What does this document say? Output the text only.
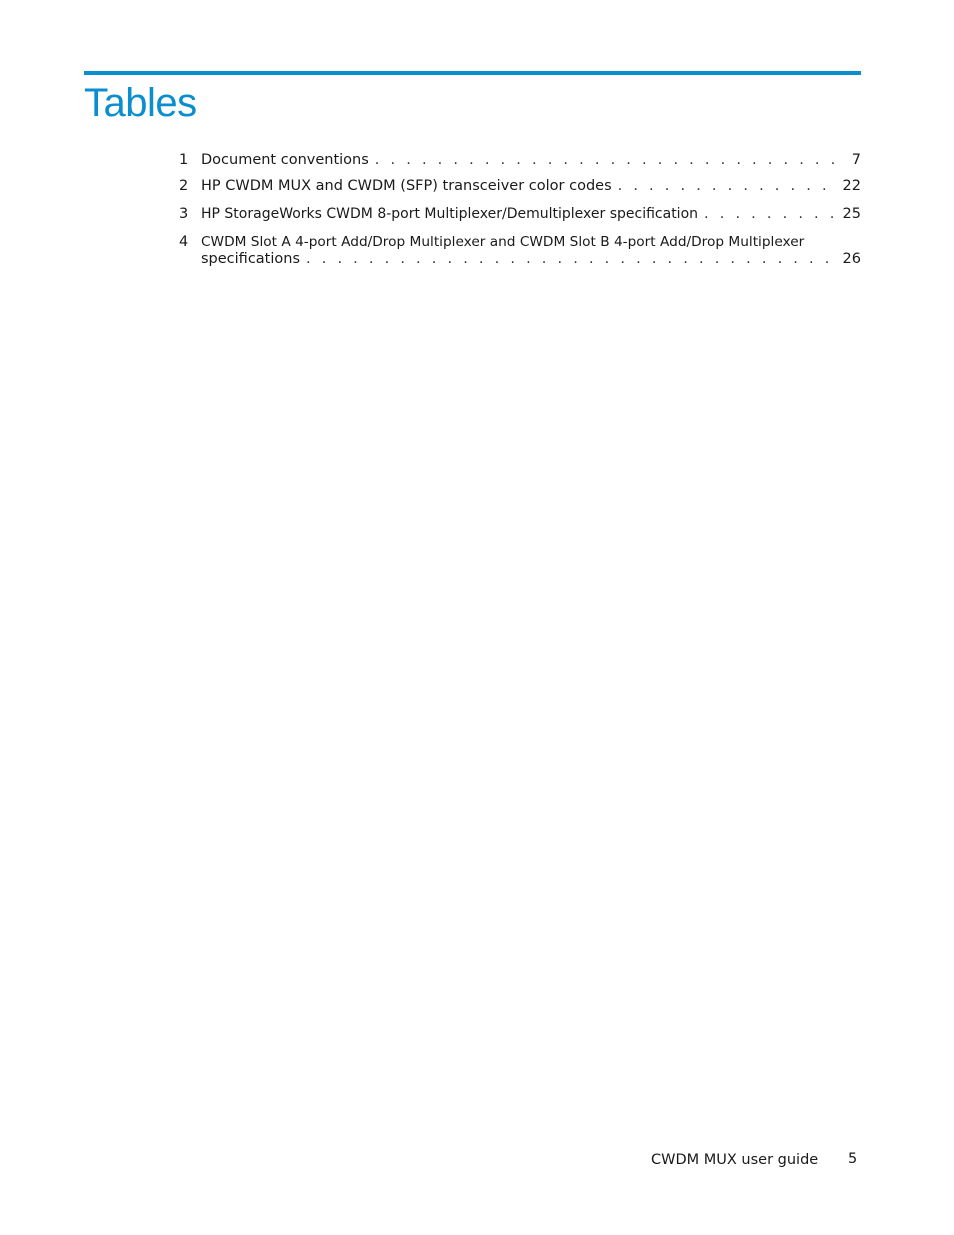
Tables
1 Document conventions . . .	7
2 HP CWDM MUX and CWDM (SFP) transceiver color codes . . .	22
3 HP StorageWorks CWDM 8-port Multiplexer/Demultiplexer specification . . .	25
4 CWDM Slot A 4-port Add/Drop Multiplexer and CWDM Slot B 4-port Add/Drop Multiplexer
specifications . . .	26
CWDM MUX user guide 5
